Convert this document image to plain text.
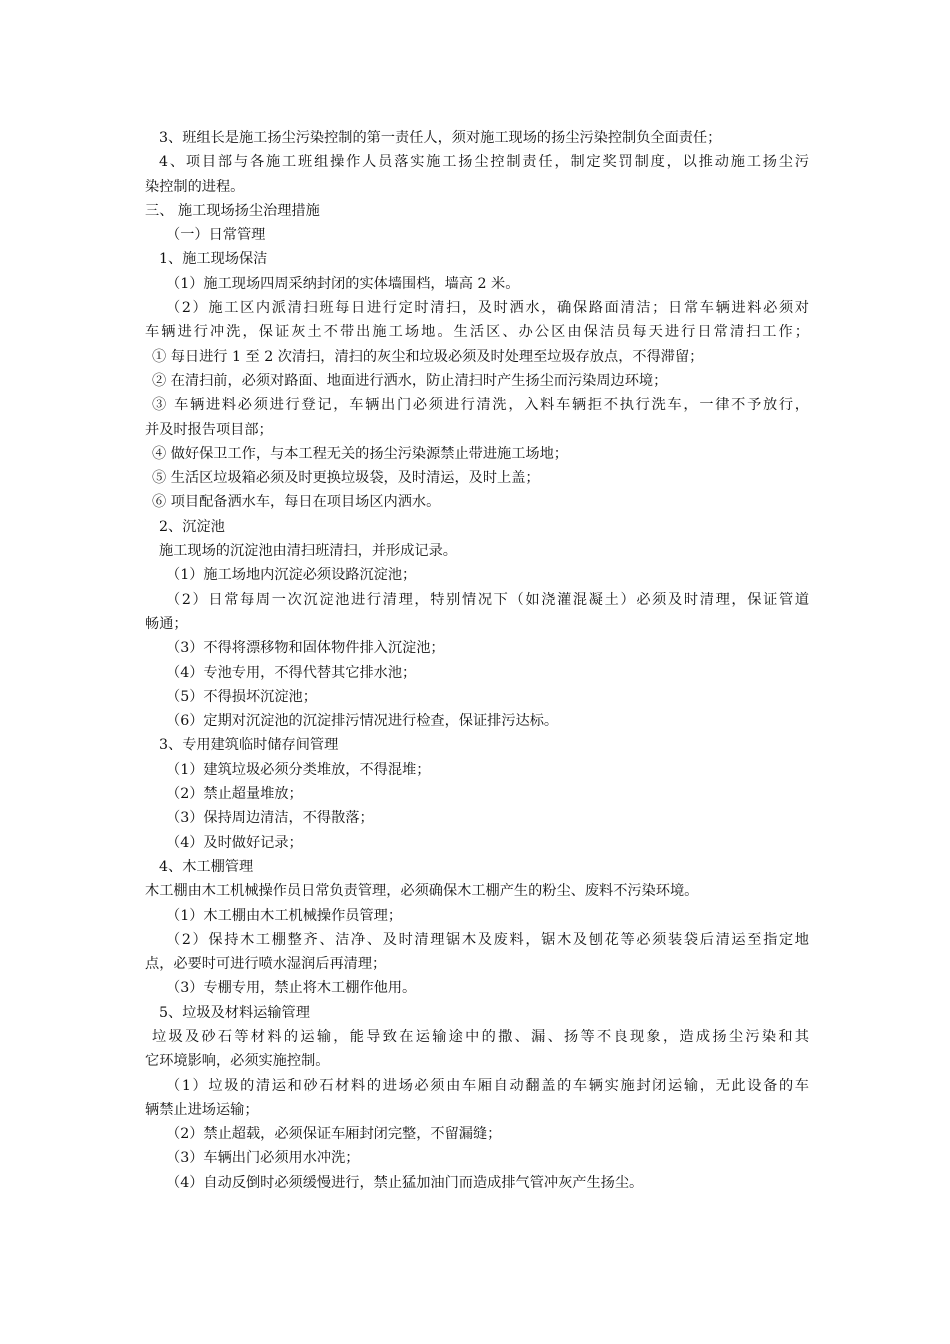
3、班组长是施工扬尘污染控制的第一责任人，须对施工现场的扬尘污染控制负全面责任；
4、项目部与各施工班组操作人员落实施工扬尘控制责任，制定奖罚制度，以推动施工扬尘污
染控制的进程。
三、 施工现场扬尘治理措施
（一）日常管理
1、施工现场保洁
（1）施工现场四周采纳封闭的实体墙围档，墙高 2 米。
（2）施工区内派清扫班每日进行定时清扫，及时洒水，确保路面清洁；日常车辆进料必须对
车辆进行冲洗，保证灰土不带出施工场地。生活区、办公区由保洁员每天进行日常清扫工作；
① 每日进行 1 至 2 次清扫，清扫的灰尘和垃圾必须及时处理至垃圾存放点，不得滞留；
② 在清扫前，必须对路面、地面进行洒水，防止清扫时产生扬尘而污染周边环境；
③ 车辆进料必须进行登记，车辆出门必须进行清洗，入料车辆拒不执行洗车，一律不予放行，
并及时报告项目部；
④ 做好保卫工作，与本工程无关的扬尘污染源禁止带进施工场地；
⑤ 生活区垃圾箱必须及时更换垃圾袋，及时清运，及时上盖；
⑥ 项目配备洒水车，每日在项目场区内洒水。
2、沉淀池
施工现场的沉淀池由清扫班清扫，并形成记录。
（1）施工场地内沉淀必须设路沉淀池；
（2）日常每周一次沉淀池进行清理，特别情况下（如浇灌混凝土）必须及时清理，保证管道
畅通；
（3）不得将漂移物和固体物件排入沉淀池；
（4）专池专用，不得代替其它排水池；
（5）不得损坏沉淀池；
（6）定期对沉淀池的沉淀排污情况进行检查，保证排污达标。
3、专用建筑临时储存间管理
（1）建筑垃圾必须分类堆放，不得混堆；
（2）禁止超量堆放；
（3）保持周边清洁，不得散落；
（4）及时做好记录；
4、木工棚管理
木工棚由木工机械操作员日常负责管理，必须确保木工棚产生的粉尘、废料不污染环境。
（1）木工棚由木工机械操作员管理；
（2）保持木工棚整齐、洁净、及时清理锯木及废料，锯木及刨花等必须装袋后清运至指定地
点，必要时可进行喷水湿润后再清理；
（3）专棚专用，禁止将木工棚作他用。
5、垃圾及材料运输管理
垃圾及砂石等材料的运输，能导致在运输途中的撒、漏、扬等不良现象，造成扬尘污染和其
它环境影响，必须实施控制。
（1）垃圾的清运和砂石材料的进场必须由车厢自动翻盖的车辆实施封闭运输，无此设备的车
辆禁止进场运输；
（2）禁止超载，必须保证车厢封闭完整，不留漏缝；
（3）车辆出门必须用水冲洗；
（4）自动反倒时必须缓慢进行，禁止猛加油门而造成排气管冲灰产生扬尘。
